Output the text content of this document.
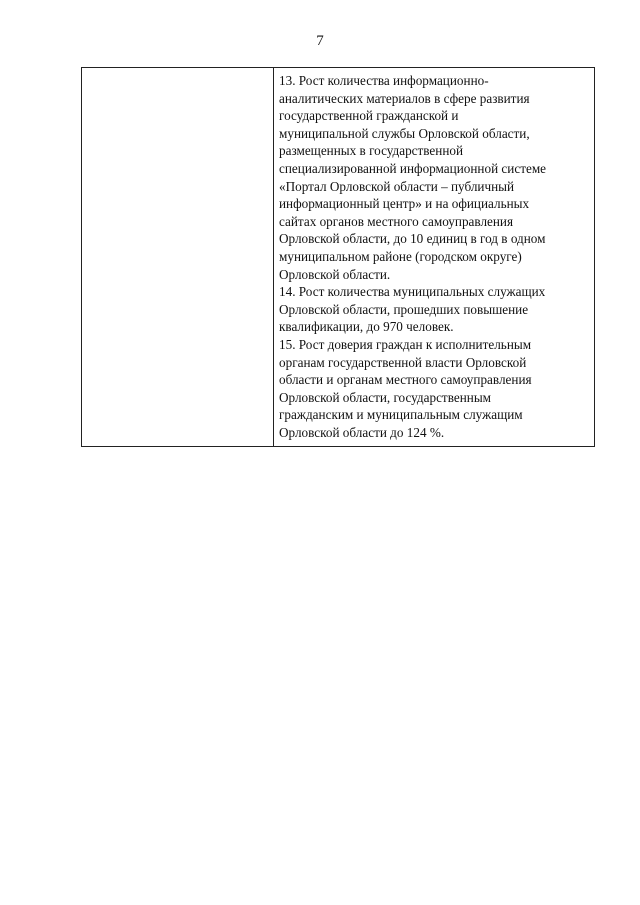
7
13. Рост количества информационно-
аналитических материалов в сфере развития
государственной гражданской и
муниципальной службы Орловской области,
размещенных в государственной
специализированной информационной системе
«Портал Орловской области – публичный
информационный центр» и на официальных
сайтах органов местного самоуправления
Орловской области, до 10 единиц в год в одном
муниципальном районе (городском округе)
Орловской области.
14. Рост количества муниципальных служащих
Орловской области, прошедших повышение
квалификации, до 970 человек.
15. Рост доверия граждан к исполнительным
органам государственной власти Орловской
области и органам местного самоуправления
Орловской области, государственным
гражданским и муниципальным служащим
Орловской области до 124 %.
